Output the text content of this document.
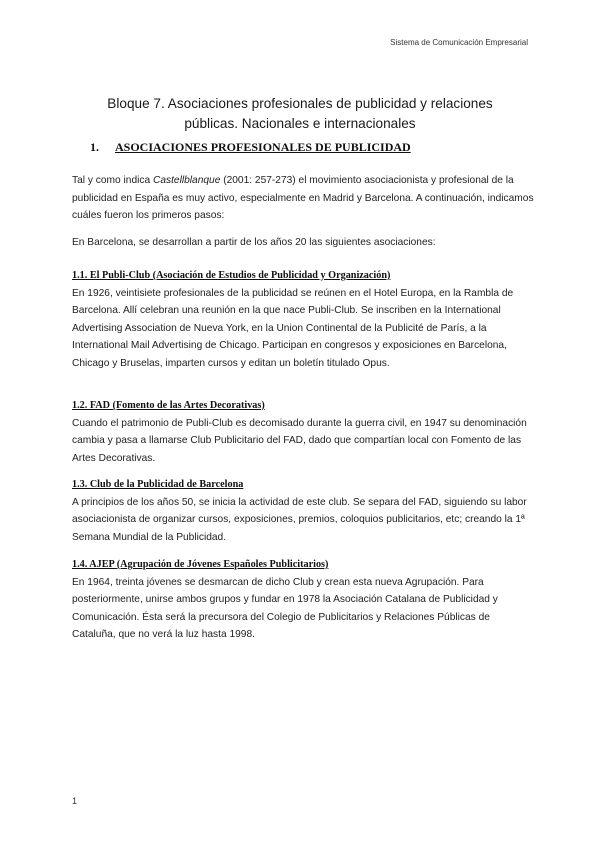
Sistema de Comunicación Empresarial
Bloque 7. Asociaciones profesionales de publicidad y relaciones
públicas. Nacionales e internacionales
1. ASOCIACIONES PROFESIONALES DE PUBLICIDAD

Tal y como indica Castellblanque (2001: 257-273) el movimiento asociacionista y profesional de la publicidad en España es muy activo, especialmente en Madrid y Barcelona. A continuación, indicamos cuáles fueron los primeros pasos:

En Barcelona, se desarrollan a partir de los años 20 las siguientes asociaciones:

1.1. El Publi-Club (Asociación de Estudios de Publicidad y Organización)

En 1926, veintisiete profesionales de la publicidad se reúnen en el Hotel Europa, en la Rambla de Barcelona. Allí celebran una reunión en la que nace Publi-Club. Se inscriben en la International Advertising Association de Nueva York, en la Union Continental de la Publicité de París, a la International Mail Advertising de Chicago. Participan en congresos y exposiciones en Barcelona, Chicago y Bruselas, imparten cursos y editan un boletín titulado Opus.

1.2. FAD (Fomento de las Artes Decorativas)

Cuando el patrimonio de Publi-Club es decomisado durante la guerra civil, en 1947 su denominación cambia y pasa a llamarse Club Publicitario del FAD, dado que compartían local con Fomento de las Artes Decorativas.

1.3. Club de la Publicidad de Barcelona

A principios de los años 50, se inicia la actividad de este club. Se separa del FAD, siguiendo su labor asociacionista de organizar cursos, exposiciones, premios, coloquios publicitarios, etc; creando la 1ª Semana Mundial de la Publicidad.

1.4. AJEP (Agrupación de Jóvenes Españoles Publicitarios)

En 1964, treinta jóvenes se desmarcan de dicho Club y crean esta nueva Agrupación. Para posteriormente, unirse ambos grupos y fundar en 1978 la Asociación Catalana de Publicidad y Comunicación. Ésta será la precursora del Colegio de Publicitarios y Relaciones Públicas de Cataluña, que no verá la luz hasta 1998.

1
